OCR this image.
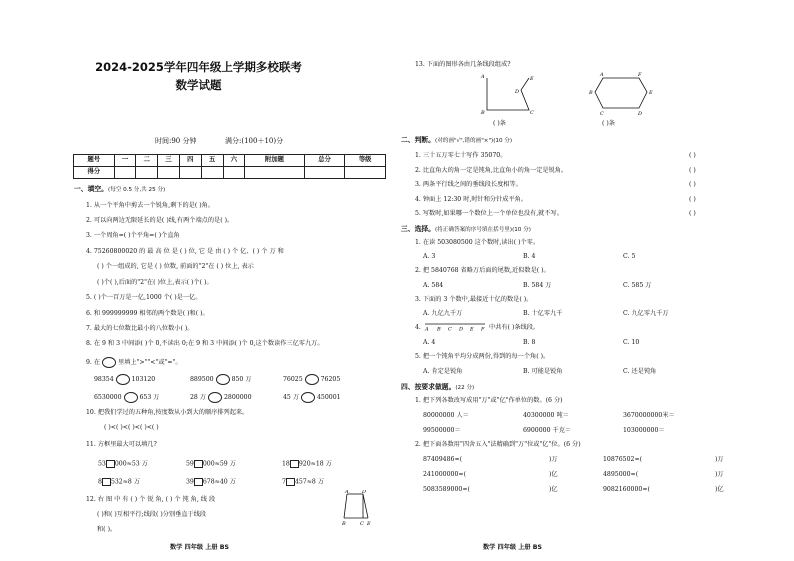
2024-2025学年四年级上学期多校联考
数学试题
时间:90 分钟	满分:(100＋10)分
题号	一	二	三	四	五	六	附加题	总分	等级
得分									
一、填空。(每空 0.5 分,共 25 分)
1. 从一个平角中剪去一个锐角,剩下的是( )角。
2. 可以向两边无限延长的是( )线,有两个端点的是( )。
3. 一个周角=( )个平角=( )个直角
4. 75260800020 的 最 高 位 是 ( ) 位, 它 是 由 ( ) 个 亿、( ) 个 万 和
( ) 个一组成的, 它是 ( ) 位数, 前面的"2"在 ( ) 位上, 表示
( )个( ),后面的"2"在( )位上,表示( )个( )。
5. ( )个一百万是一亿,1000 个( )是一亿。
6. 和 999999999 相邻的两个数是( )和( )。
7. 最大的七位数比最小的八位数小( )。
8. 在 9 和 3 中间添( )个 0,不读出 0;在 9 和 3 中间添( )个 0,这个数读作三亿零九万。
9. 在	里填上">""<"或"="。
98354	103120	889500	850 万	76025	76205
6530000	653 万	28 万	2800000	45 万	450001
10. 把我们学过的五种角,按度数从小到大的顺序排列起来。
( )<( )<( )<( )<( )
11. 方框里最大可以填几?
53 000≈53 万	59 000≈59 万	18 920≈18 万
8 532≈8 万	39 678≈40 万	7 457≈8 万
12. 右 图 中 有 ( ) 个 锐 角, ( ) 个 钝 角, 线 段
( )和( )互相平行;线段( )分别垂直于线段
和( )。
A	D
B	C E
数学 四年级 上册 BS
13. 下面的图形各由几条线段组成?
E
D
A
B	C
( )条
A
B
C	D
E
F
( )条
二、判断。(对的画"√",错的画"×")(10 分)
1. 三十五万零七十写作 35070。
2. 比直角大的角一定是钝角,比直角小的角一定是锐角。
3. 两条平行线之间的垂线段长度相等。
4. 钟面上 12:30 时,时针和分针成平角。
5. 写数时,如果哪一个数位上一个单位也没有,就不写。
( )
( )
( )
( )
( )
三、选择。(将正确答案的序号填在括号里)(10 分)
1. 在读 503080500 这个数时,读出( )个零。
A. 3	B. 4	C. 5
2. 把 5840768 省略万后面的尾数,近似数是( )。
A. 584	B. 584 万	C. 585 万
3. 下面的 3 个数中,最接近十亿的数是( )。
A. 九亿九千万	B. 十亿零九千	C. 九亿零九千万
4. A B C D E F 中共有( )条线段。
A. 4	B. 8	C. 10
5. 把一个钝角平均分成两份,得到的每一个角( )。
A. 肯定是锐角	B. 可能是锐角	C. 还是钝角
四、按要求做题。(22 分)
1. 把下列各数改写成用"万"或"亿"作单位的数。(6 分)
80000000 人＝	40300000 吨＝	3670000000米＝
99500000＝	6900000 千克＝	103000000＝
2. 把下面各数用"四舍五入"法精确到"万"位或"亿"位。(6 分)
87409486≈(	)万	10876502≈(	)万
241000000≈(	)亿	4895000≈(	)万
5083589000≈(	)亿	9082160000≈(	)亿
数学 四年级 上册 BS
